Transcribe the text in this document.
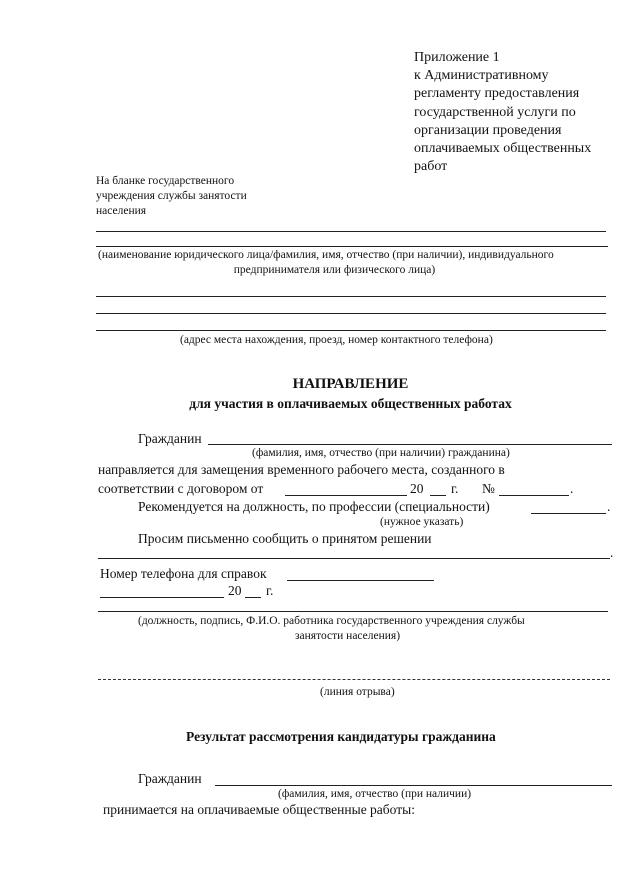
Приложение 1
к Административному
регламенту предоставления
государственной услуги по
организации проведения
оплачиваемых общественных
работ
На бланке государственного
учреждения службы занятости
населения
(наименование юридического лица/фамилия, имя, отчество (при наличии), индивидуального
предпринимателя или физического лица)
(адрес места нахождения, проезд, номер контактного телефона)
НАПРАВЛЕНИЕ
для участия в оплачиваемых общественных работах
Гражданин
(фамилия, имя, отчество (при наличии) гражданина)
направляется для замещения временного рабочего места, созданного в
соответствии с договором от	20 г. №	.
Рекомендуется на должность, по профессии (специальности)	.
(нужное указать)
Просим письменно сообщить о принятом решении
.
Номер телефона для справок
20 г.
(должность, подпись, Ф.И.О. работника государственного учреждения службы
занятости населения)
(линия отрыва)
Результат рассмотрения кандидатуры гражданина
Гражданин
(фамилия, имя, отчество (при наличии)
принимается на оплачиваемые общественные работы:
